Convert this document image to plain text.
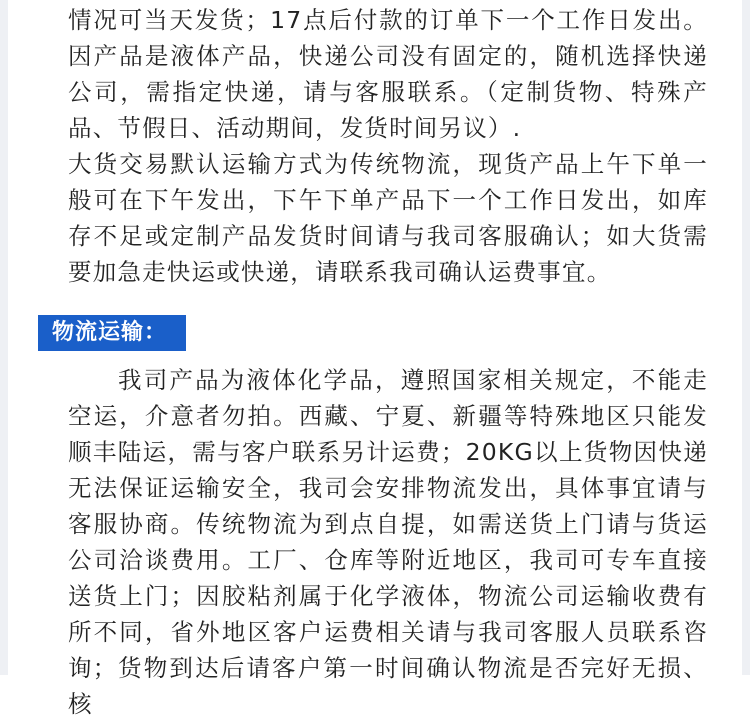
情况可当天发货；17点后付款的订单下一个工作日发出。因产品是液体产品，快递公司没有固定的，随机选择快递公司，需指定快递，请与客服联系。（定制货物、特殊产品、节假日、活动期间，发货时间另议）.

大货交易默认运输方式为传统物流，现货产品上午下单一般可在下午发出，下午下单产品下一个工作日发出，如库存不足或定制产品发货时间请与我司客服确认；如大货需要加急走快运或快递，请联系我司确认运费事宜。

物流运输：

我司产品为液体化学品，遵照国家相关规定，不能走空运，介意者勿拍。西藏、宁夏、新疆等特殊地区只能发顺丰陆运，需与客户联系另计运费；20KG以上货物因快递无法保证运输安全，我司会安排物流发出，具体事宜请与客服协商。传统物流为到点自提，如需送货上门请与货运公司洽谈费用。工厂、仓库等附近地区，我司可专车直接送货上门；因胶粘剂属于化学液体，物流公司运输收费有所不同，省外地区客户运费相关请与我司客服人员联系咨询； 货物到达后请客户第一时间确认物流是否完好无损、核
